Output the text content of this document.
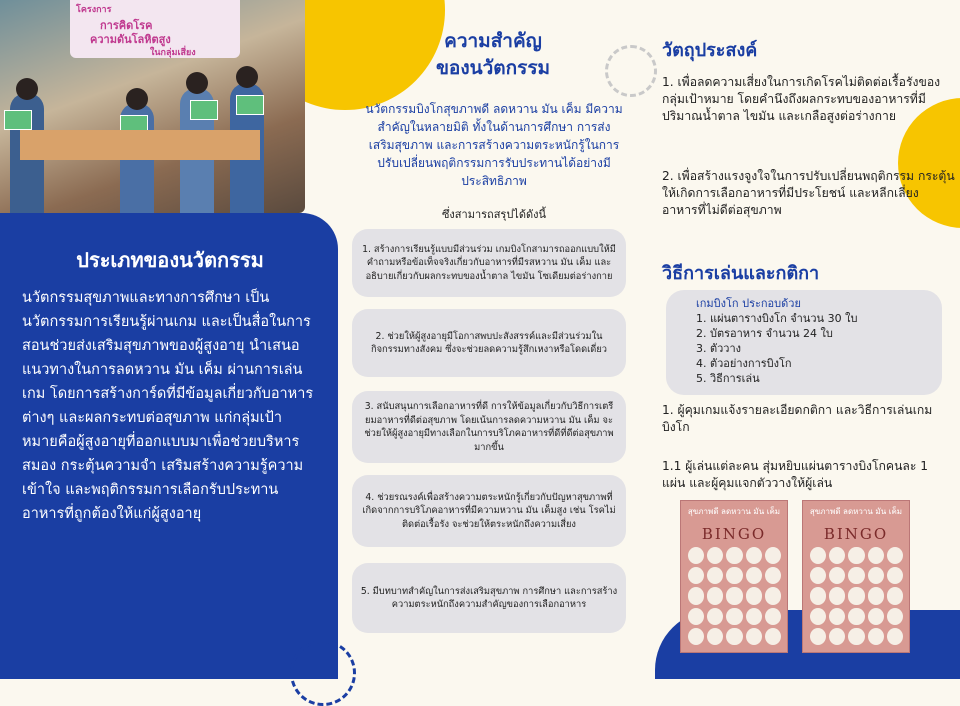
โครงการ
การคิดโรค
ความดันโลหิตสูง
ในกลุ่มเสี่ยง
ประเภทของนวัตกรรม
นวัตกรรมสุขภาพและทางการศึกษา เป็นนวัตกรรมการเรียนรู้ผ่านเกม และเป็นสื่อในการสอนช่วยส่งเสริมสุขภาพของผู้สูงอายุ นำเสนอแนวทางในการลดหวาน มัน เค็ม ผ่านการเล่นเกม โดยการสร้างการ์ดที่มีข้อมูลเกี่ยวกับอาหารต่างๆ และผลกระทบต่อสุขภาพ แก่กลุ่มเป้าหมายคือผู้สูงอายุที่ออกแบบมาเพื่อช่วยบริหารสมอง กระตุ้นความจำ เสริมสร้างความรู้ความเข้าใจ และพฤติกรรมการเลือกรับประทานอาหารที่ถูกต้องให้แก่ผู้สูงอายุ
ความสำคัญ
ของนวัตกรรม
นวัตกรรมบิงโกสุขภาพดี ลดหวาน มัน เค็ม มีความสำคัญในหลายมิติ ทั้งในด้านการศึกษา การส่งเสริมสุขภาพ และการสร้างความตระหนักรู้ในการปรับเปลี่ยนพฤติกรรมการรับประทานได้อย่างมีประสิทธิภาพ
ซึ่งสามารถสรุปได้ดังนี้
1. สร้างการเรียนรู้แบบมีส่วนร่วม เกมบิงโกสามารถออกแบบให้มีคำถามหรือข้อเท็จจริงเกี่ยวกับอาหารที่มีรสหวาน มัน เค็ม และอธิบายเกี่ยวกับผลกระทบของน้ำตาล ไขมัน โซเดียมต่อร่างกาย
2. ช่วยให้ผู้สูงอายุมีโอกาสพบปะสังสรรค์และมีส่วนร่วมในกิจกรรมทางสังคม ซึ่งจะช่วยลดความรู้สึกเหงาหรือโดดเดี่ยว
3. สนับสนุนการเลือกอาหารที่ดี การให้ข้อมูลเกี่ยวกับวิธีการเตรียมอาหารที่ดีต่อสุขภาพ โดยเน้นการลดความหวาน มัน เค็ม จะช่วยให้ผู้สูงอายุมีทางเลือกในการบริโภคอาหารที่ดีที่ดีต่อสุขภาพมากขึ้น
4. ช่วยรณรงค์เพื่อสร้างความตระหนักรู้เกี่ยวกับปัญหาสุขภาพที่เกิดจากการบริโภคอาหารที่มีความหวาน มัน เค็มสูง เช่น โรคไม่ติดต่อเรื้อรัง จะช่วยให้ตระหนักถึงความเสี่ยง
5. มีบทบาทสำคัญในการส่งเสริมสุขภาพ การศึกษา และการสร้างความตระหนักถึงความสำคัญของการเลือกอาหาร
วัตถุประสงค์
1. เพื่อลดความเสี่ยงในการเกิดโรคไม่ติดต่อเรื้อรังของกลุ่มเป้าหมาย โดยคำนึงถึงผลกระทบของอาหารที่มีปริมาณน้ำตาล ไขมัน และเกลือสูงต่อร่างกาย
2. เพื่อสร้างแรงจูงใจในการปรับเปลี่ยนพฤติกรรม กระตุ้นให้เกิดการเลือกอาหารที่มีประโยชน์ และหลีกเลี่ยง
อาหารที่ไม่ดีต่อสุขภาพ
วิธีการเล่นและกติกา
เกมบิงโก ประกอบด้วย
1. แผ่นตารางบิงโก จำนวน 30 ใบ
2. บัตรอาหาร จำนวน 24 ใบ
3. ตัววาง
4. ตัวอย่างการบิงโก
5. วิธีการเล่น
1. ผู้คุมเกมแจ้งรายละเอียดกติกา และวิธีการเล่นเกมบิงโก
1.1 ผู้เล่นแต่ละคน สุ่มหยิบแผ่นตารางบิงโกคนละ 1 แผ่น และผู้คุมแจกตัววางให้ผู้เล่น
สุขภาพดี ลดหวาน มัน เค็ม
BINGO
สุขภาพดี ลดหวาน มัน เค็ม
BINGO
